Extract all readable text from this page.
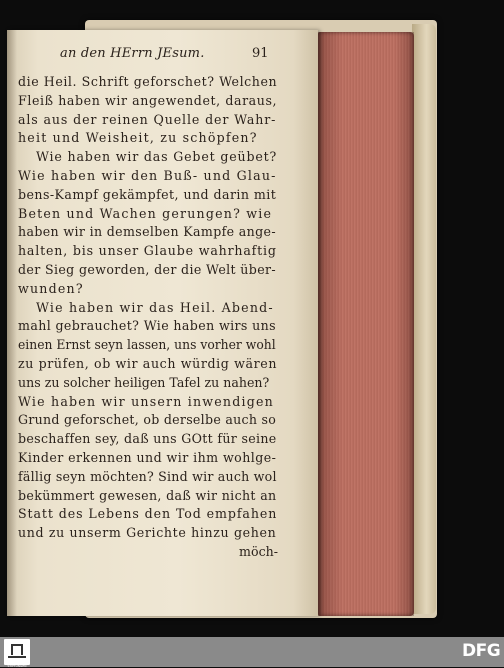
an den HErrn JEsum.	91
die Heil. Schrift geforschet? Welchen
Fleiß haben wir angewendet, daraus,
als aus der reinen Quelle der Wahr-
heit und Weisheit, zu schöpfen?
Wie haben wir das Gebet geübet?
Wie haben wir den Buß- und Glau-
bens-Kampf gekämpfet, und darin mit
Beten und Wachen gerungen? wie
haben wir in demselben Kampfe ange-
halten, bis unser Glaube wahrhaftig
der Sieg geworden, der die Welt über-
wunden?
Wie haben wir das Heil. Abend-
mahl gebrauchet? Wie haben wirs uns
einen Ernst seyn lassen, uns vorher wohl
zu prüfen, ob wir auch würdig wären
uns zu solcher heiligen Tafel zu nahen?
Wie haben wir unsern inwendigen
Grund geforschet, ob derselbe auch so
beschaffen sey, daß uns GOtt für seine
Kinder erkennen und wir ihm wohlge-
fällig seyn möchten? Sind wir auch wol
bekümmert gewesen, daß wir nicht an
Statt des Lebens den Tod empfahen
und zu unserm Gerichte hinzu gehen
möch-
FRANCKESCHE STIFTUNGEN
DFG
